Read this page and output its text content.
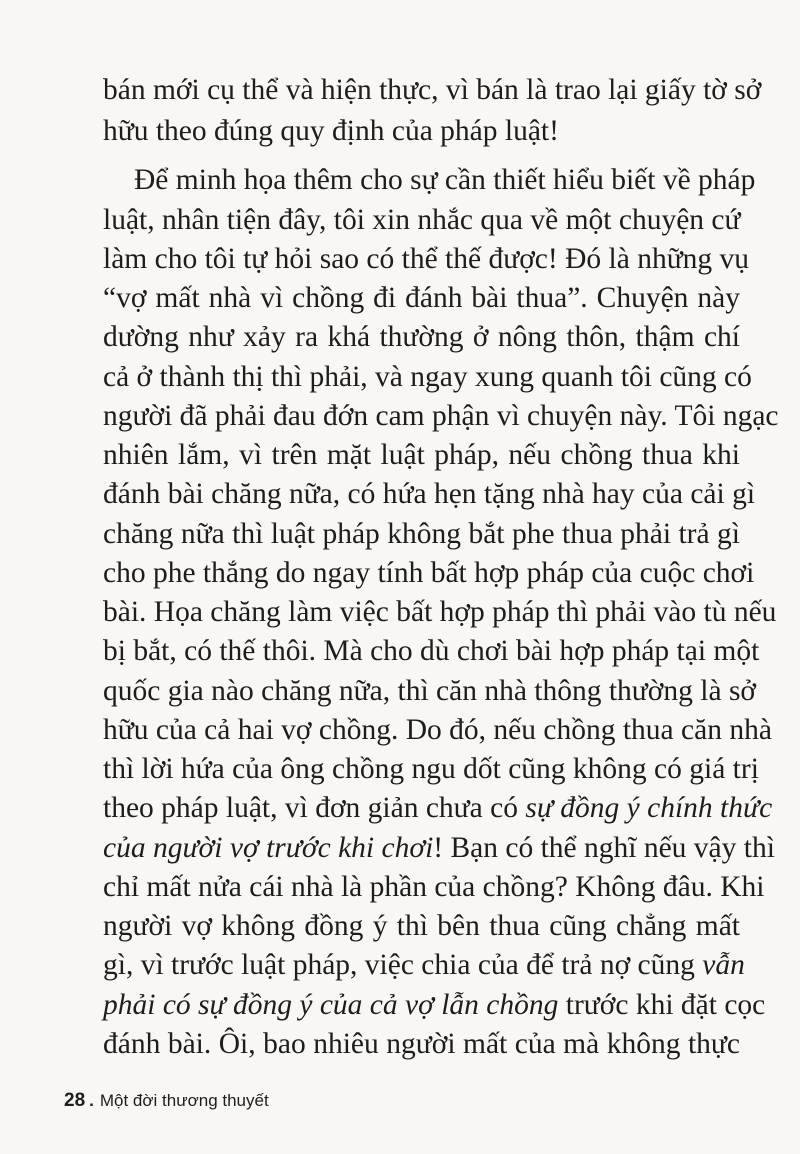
bán mới cụ thể và hiện thực, vì bán là trao lại giấy tờ sở
hữu theo đúng quy định của pháp luật!
Để minh họa thêm cho sự cần thiết hiểu biết về pháp
luật, nhân tiện đây, tôi xin nhắc qua về một chuyện cứ
làm cho tôi tự hỏi sao có thể thế được! Đó là những vụ
“vợ mất nhà vì chồng đi đánh bài thua”. Chuyện này
dường như xảy ra khá thường ở nông thôn, thậm chí
cả ở thành thị thì phải, và ngay xung quanh tôi cũng có
người đã phải đau đớn cam phận vì chuyện này. Tôi ngạc
nhiên lắm, vì trên mặt luật pháp, nếu chồng thua khi
đánh bài chăng nữa, có hứa hẹn tặng nhà hay của cải gì
chăng nữa thì luật pháp không bắt phe thua phải trả gì
cho phe thắng do ngay tính bất hợp pháp của cuộc chơi
bài. Họa chăng làm việc bất hợp pháp thì phải vào tù nếu
bị bắt, có thế thôi. Mà cho dù chơi bài hợp pháp tại một
quốc gia nào chăng nữa, thì căn nhà thông thường là sở
hữu của cả hai vợ chồng. Do đó, nếu chồng thua căn nhà
thì lời hứa của ông chồng ngu dốt cũng không có giá trị
theo pháp luật, vì đơn giản chưa có sự đồng ý chính thức
của người vợ trước khi chơi! Bạn có thể nghĩ nếu vậy thì
chỉ mất nửa cái nhà là phần của chồng? Không đâu. Khi
người vợ không đồng ý thì bên thua cũng chẳng mất
gì, vì trước luật pháp, việc chia của để trả nợ cũng vẫn
phải có sự đồng ý của cả vợ lẫn chồng trước khi đặt cọc
đánh bài. Ôi, bao nhiêu người mất của mà không thực
28 . Một đời thương thuyết
